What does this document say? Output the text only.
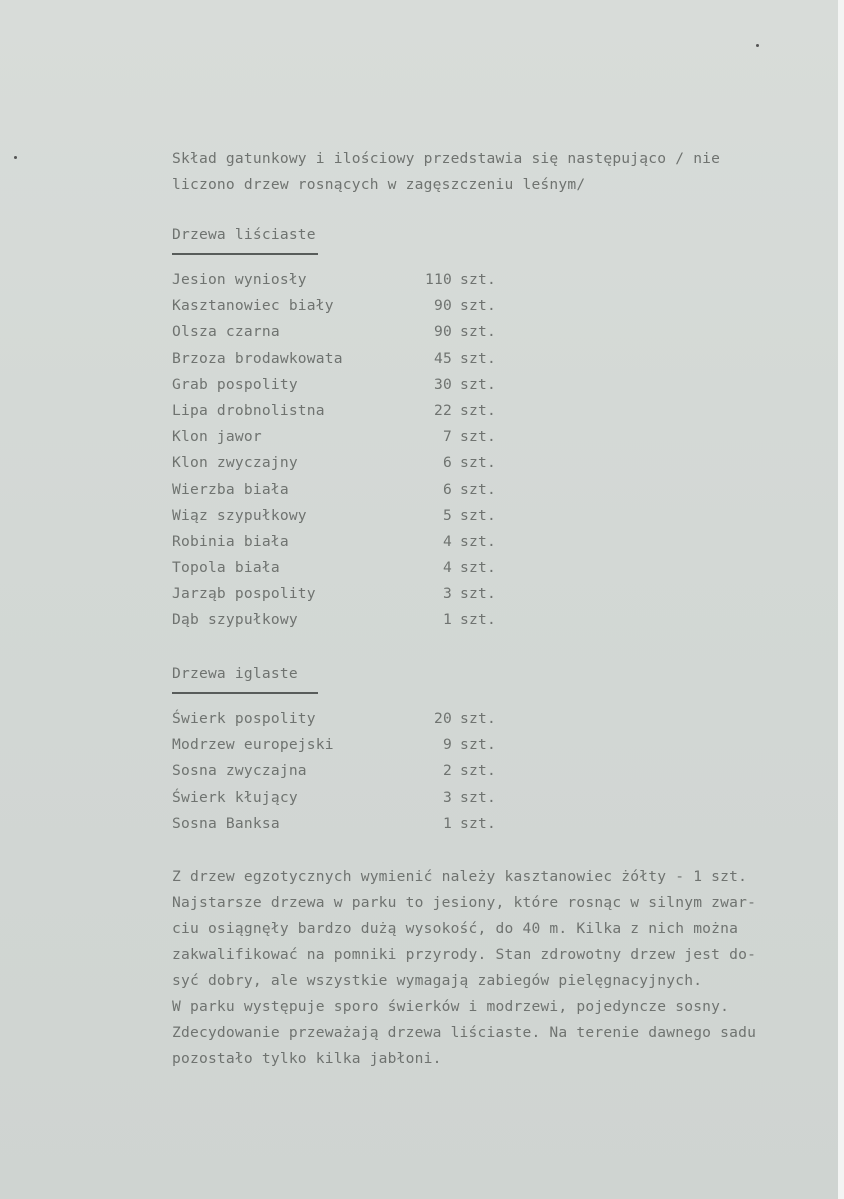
Skład gatunkowy i ilościowy przedstawia się następująco / nie
liczono drzew rosnących w zagęszczeniu leśnym/
Drzewa liściaste
Jesion wyniosły	110 szt.
Kasztanowiec biały	90 szt.
Olsza czarna	90 szt.
Brzoza brodawkowata	45 szt.
Grab pospolity	30 szt.
Lipa drobnolistna	22 szt.
Klon jawor	7 szt.
Klon zwyczajny	6 szt.
Wierzba biała	6 szt.
Wiąz szypułkowy	5 szt.
Robinia biała	4 szt.
Topola biała	4 szt.
Jarząb pospolity	3 szt.
Dąb szypułkowy	1 szt.
Drzewa iglaste
Świerk pospolity	20 szt.
Modrzew europejski	9 szt.
Sosna zwyczajna	2 szt.
Świerk kłujący	3 szt.
Sosna Banksa	1 szt.
Z drzew egzotycznych wymienić należy kasztanowiec żółty - 1 szt.
Najstarsze drzewa w parku to jesiony, które rosnąc w silnym zwar-
ciu osiągnęły bardzo dużą wysokość, do 40 m. Kilka z nich można
zakwalifikować na pomniki przyrody. Stan zdrowotny drzew jest do-
syć dobry, ale wszystkie wymagają zabiegów pielęgnacyjnych.
W parku występuje sporo świerków i modrzewi, pojedyncze sosny.
Zdecydowanie przeważają drzewa liściaste. Na terenie dawnego sadu
pozostało tylko kilka jabłoni.
